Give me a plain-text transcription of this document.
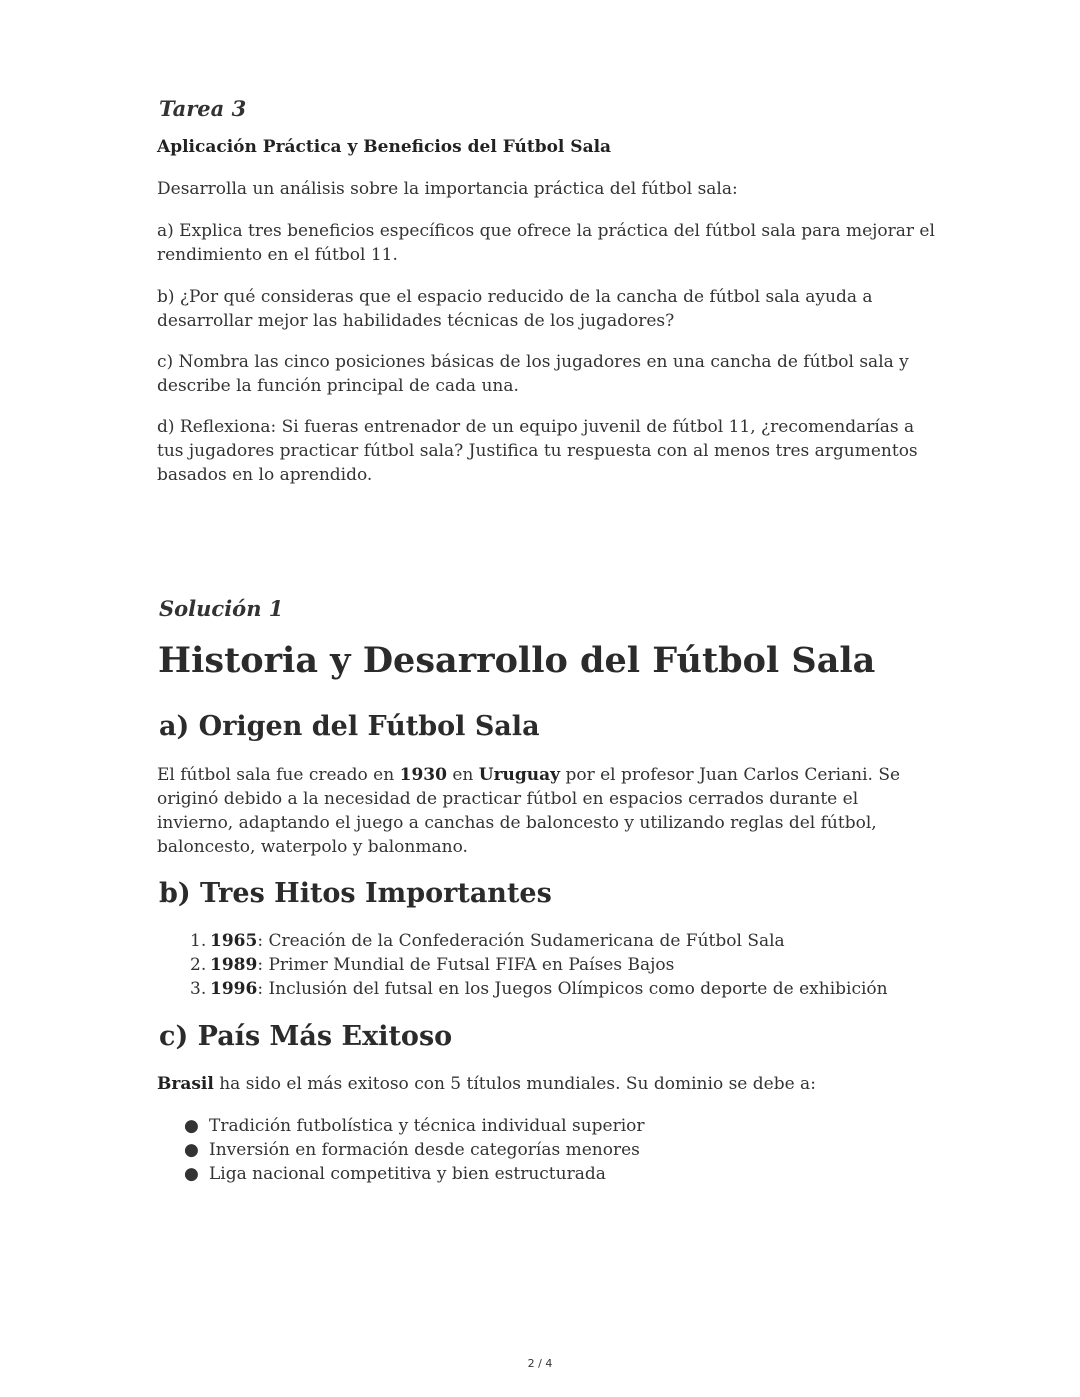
Tarea 3

Aplicación Práctica y Beneficios del Fútbol Sala

Desarrolla un análisis sobre la importancia práctica del fútbol sala:

a) Explica tres beneficios específicos que ofrece la práctica del fútbol sala para mejorar el rendimiento en el fútbol 11.

b) ¿Por qué consideras que el espacio reducido de la cancha de fútbol sala ayuda a desarrollar mejor las habilidades técnicas de los jugadores?

c) Nombra las cinco posiciones básicas de los jugadores en una cancha de fútbol sala y describe la función principal de cada una.

d) Reflexiona: Si fueras entrenador de un equipo juvenil de fútbol 11, ¿recomendarías a tus jugadores practicar fútbol sala? Justifica tu respuesta con al menos tres argumentos basados en lo aprendido.

Solución 1

Historia y Desarrollo del Fútbol Sala
a) Origen del Fútbol Sala

El fútbol sala fue creado en 1930 en Uruguay por el profesor Juan Carlos Ceriani. Se originó debido a la necesidad de practicar fútbol en espacios cerrados durante el invierno, adaptando el juego a canchas de baloncesto y utilizando reglas del fútbol, baloncesto, waterpolo y balonmano.

b) Tres Hitos Importantes
1. 1965: Creación de la Confederación Sudamericana de Fútbol Sala
2. 1989: Primer Mundial de Futsal FIFA en Países Bajos
3. 1996: Inclusión del futsal en los Juegos Olímpicos como deporte de exhibición
c) País Más Exitoso

Brasil ha sido el más exitoso con 5 títulos mundiales. Su dominio se debe a:

● Tradición futbolística y técnica individual superior
● Inversión en formación desde categorías menores
● Liga nacional competitiva y bien estructurada

2 / 4
